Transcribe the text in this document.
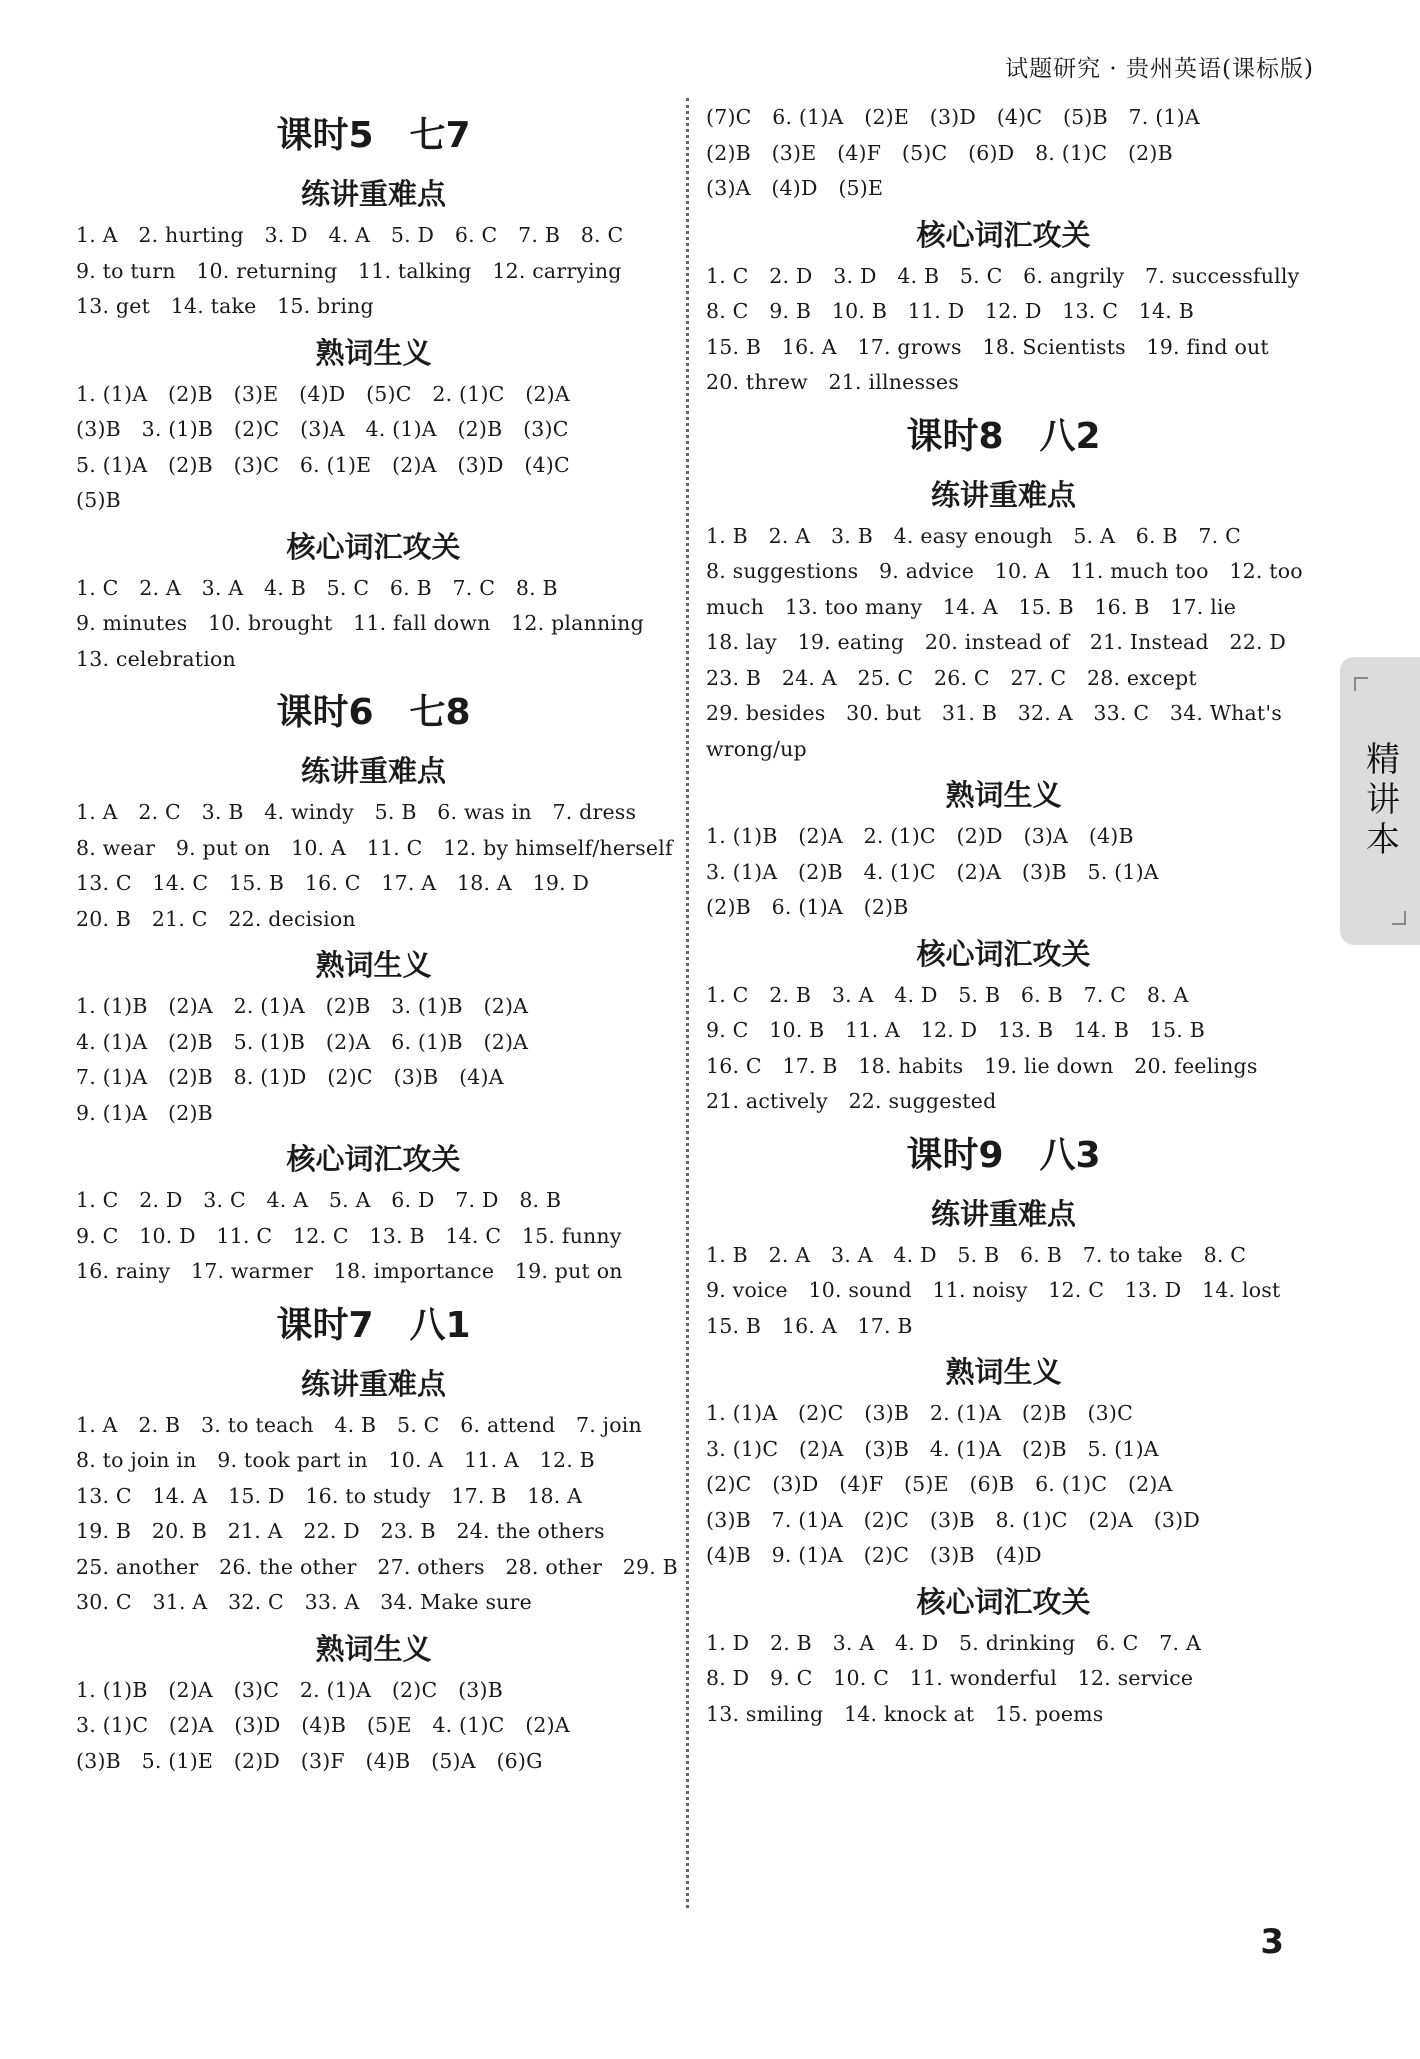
试题研究 · 贵州英语(课标版)
课时5　七7
练讲重难点
1. A　2. hurting　3. D　4. A　5. D　6. C　7. B　8. C
9. to turn　10. returning　11. talking　12. carrying
13. get　14. take　15. bring
熟词生义
1. (1)A　(2)B　(3)E　(4)D　(5)C　2. (1)C　(2)A
(3)B　3. (1)B　(2)C　(3)A　4. (1)A　(2)B　(3)C
5. (1)A　(2)B　(3)C　6. (1)E　(2)A　(3)D　(4)C
(5)B
核心词汇攻关
1. C　2. A　3. A　4. B　5. C　6. B　7. C　8. B
9. minutes　10. brought　11. fall down　12. planning
13. celebration
课时6　七8
练讲重难点
1. A　2. C　3. B　4. windy　5. B　6. was in　7. dress
8. wear　9. put on　10. A　11. C　12. by himself/herself
13. C　14. C　15. B　16. C　17. A　18. A　19. D
20. B　21. C　22. decision
熟词生义
1. (1)B　(2)A　2. (1)A　(2)B　3. (1)B　(2)A
4. (1)A　(2)B　5. (1)B　(2)A　6. (1)B　(2)A
7. (1)A　(2)B　8. (1)D　(2)C　(3)B　(4)A
9. (1)A　(2)B
核心词汇攻关
1. C　2. D　3. C　4. A　5. A　6. D　7. D　8. B
9. C　10. D　11. C　12. C　13. B　14. C　15. funny
16. rainy　17. warmer　18. importance　19. put on
课时7　八1
练讲重难点
1. A　2. B　3. to teach　4. B　5. C　6. attend　7. join
8. to join in　9. took part in　10. A　11. A　12. B
13. C　14. A　15. D　16. to study　17. B　18. A
19. B　20. B　21. A　22. D　23. B　24. the others
25. another　26. the other　27. others　28. other　29. B
30. C　31. A　32. C　33. A　34. Make sure
熟词生义
1. (1)B　(2)A　(3)C　2. (1)A　(2)C　(3)B
3. (1)C　(2)A　(3)D　(4)B　(5)E　4. (1)C　(2)A
(3)B　5. (1)E　(2)D　(3)F　(4)B　(5)A　(6)G
(7)C　6. (1)A　(2)E　(3)D　(4)C　(5)B　7. (1)A
(2)B　(3)E　(4)F　(5)C　(6)D　8. (1)C　(2)B
(3)A　(4)D　(5)E
核心词汇攻关
1. C　2. D　3. D　4. B　5. C　6. angrily　7. successfully
8. C　9. B　10. B　11. D　12. D　13. C　14. B
15. B　16. A　17. grows　18. Scientists　19. find out
20. threw　21. illnesses
课时8　八2
练讲重难点
1. B　2. A　3. B　4. easy enough　5. A　6. B　7. C
8. suggestions　9. advice　10. A　11. much too　12. too
much　13. too many　14. A　15. B　16. B　17. lie
18. lay　19. eating　20. instead of　21. Instead　22. D
23. B　24. A　25. C　26. C　27. C　28. except
29. besides　30. but　31. B　32. A　33. C　34. What's
wrong/up
熟词生义
1. (1)B　(2)A　2. (1)C　(2)D　(3)A　(4)B
3. (1)A　(2)B　4. (1)C　(2)A　(3)B　5. (1)A
(2)B　6. (1)A　(2)B
核心词汇攻关
1. C　2. B　3. A　4. D　5. B　6. B　7. C　8. A
9. C　10. B　11. A　12. D　13. B　14. B　15. B
16. C　17. B　18. habits　19. lie down　20. feelings
21. actively　22. suggested
课时9　八3
练讲重难点
1. B　2. A　3. A　4. D　5. B　6. B　7. to take　8. C
9. voice　10. sound　11. noisy　12. C　13. D　14. lost
15. B　16. A　17. B
熟词生义
1. (1)A　(2)C　(3)B　2. (1)A　(2)B　(3)C
3. (1)C　(2)A　(3)B　4. (1)A　(2)B　5. (1)A
(2)C　(3)D　(4)F　(5)E　(6)B　6. (1)C　(2)A
(3)B　7. (1)A　(2)C　(3)B　8. (1)C　(2)A　(3)D
(4)B　9. (1)A　(2)C　(3)B　(4)D
核心词汇攻关
1. D　2. B　3. A　4. D　5. drinking　6. C　7. A
8. D　9. C　10. C　11. wonderful　12. service
13. smiling　14. knock at　15. poems
精讲本
3
